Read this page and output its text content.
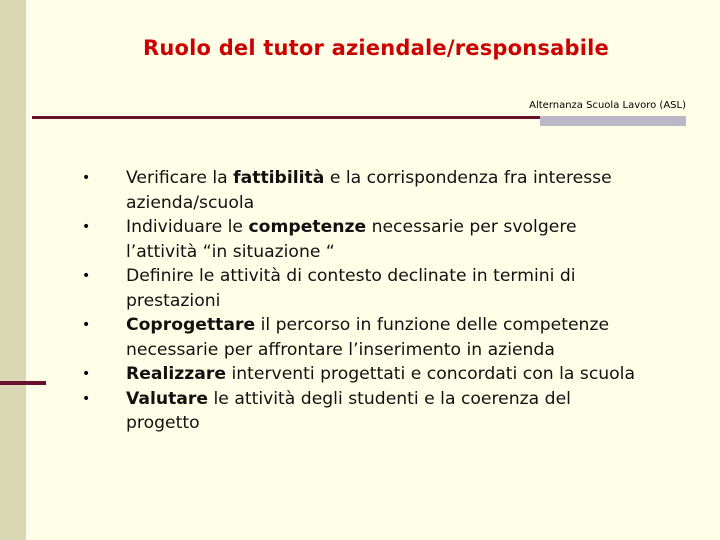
Ruolo del tutor aziendale/responsabile
Alternanza Scuola Lavoro (ASL)
• Verificare la fattibilità e la corrispondenza fra interesse
azienda/scuola
• Individuare le competenze necessarie per svolgere
l’attività “in situazione “
• Definire le attività di contesto declinate in termini di
prestazioni
• Coprogettare il percorso in funzione delle competenze
necessarie per affrontare l’inserimento in azienda
• Realizzare interventi progettati e concordati con la scuola
• Valutare le attività degli studenti e la coerenza del
progetto
